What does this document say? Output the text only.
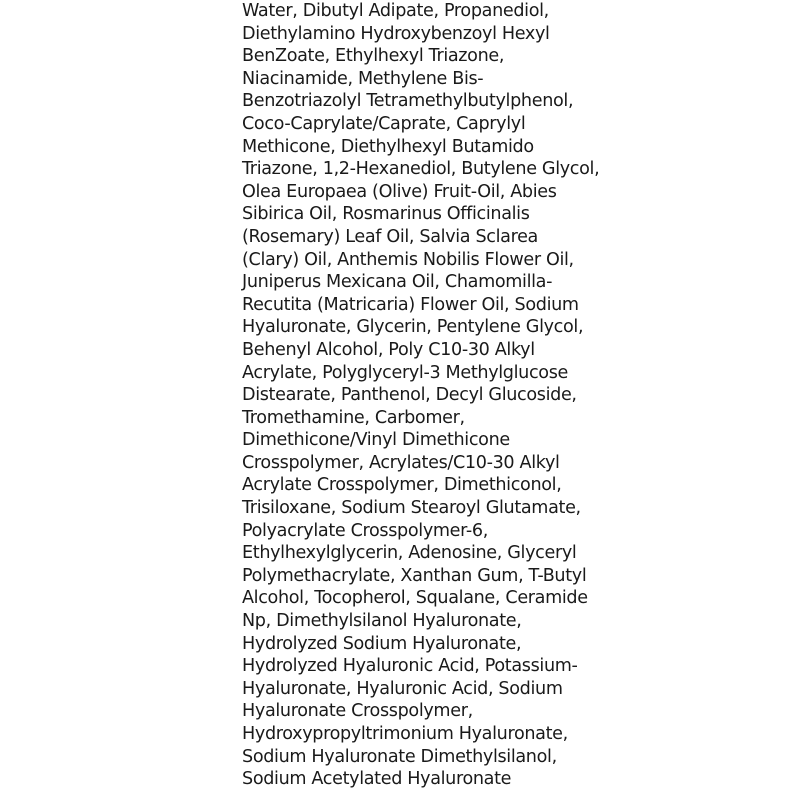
Water, Dibutyl Adipate, Propanediol,
Diethylamino Hydroxybenzoyl Hexyl
BenZoate, Ethylhexyl Triazone,
Niacinamide, Methylene Bis-
Benzotriazolyl Tetramethylbutylphenol,
Coco-Caprylate/Caprate, Caprylyl
Methicone, Diethylhexyl Butamido
Triazone, 1,2-Hexanediol, Butylene Glycol,
Olea Europaea (Olive) Fruit-Oil, Abies
Sibirica Oil, Rosmarinus Officinalis
(Rosemary) Leaf Oil, Salvia Sclarea
(Clary) Oil, Anthemis Nobilis Flower Oil,
Juniperus Mexicana Oil, Chamomilla-
Recutita (Matricaria) Flower Oil, Sodium
Hyaluronate, Glycerin, Pentylene Glycol,
Behenyl Alcohol, Poly C10-30 Alkyl
Acrylate, Polyglyceryl-3 Methylglucose
Distearate, Panthenol, Decyl Glucoside,
Tromethamine, Carbomer,
Dimethicone/Vinyl Dimethicone
Crosspolymer, Acrylates/C10-30 Alkyl
Acrylate Crosspolymer, Dimethiconol,
Trisiloxane, Sodium Stearoyl Glutamate,
Polyacrylate Crosspolymer-6,
Ethylhexylglycerin, Adenosine, Glyceryl
Polymethacrylate, Xanthan Gum, T-Butyl
Alcohol, Tocopherol, Squalane, Ceramide
Np, Dimethylsilanol Hyaluronate,
Hydrolyzed Sodium Hyaluronate,
Hydrolyzed Hyaluronic Acid, Potassium-
Hyaluronate, Hyaluronic Acid, Sodium
Hyaluronate Crosspolymer,
Hydroxypropyltrimonium Hyaluronate,
Sodium Hyaluronate Dimethylsilanol,
Sodium Acetylated Hyaluronate
